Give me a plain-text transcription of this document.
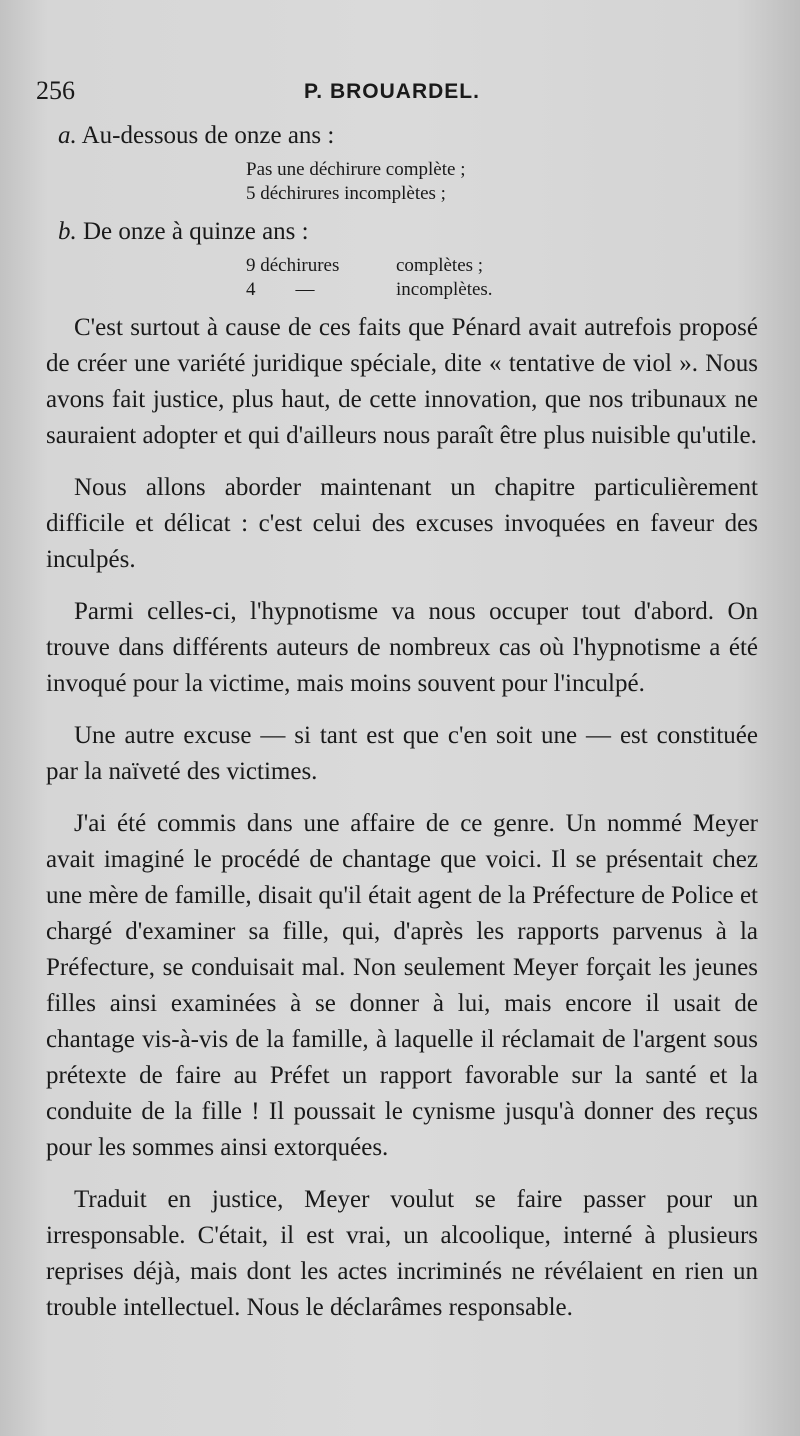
256	P. BROUARDEL.
a. Au-dessous de onze ans :
Pas une déchirure complète ;
5 déchirures incomplètes ;
b. De onze à quinze ans :
9 déchirures	complètes ;
4 —	incomplètes.

C'est surtout à cause de ces faits que Pénard avait autrefois proposé de créer une variété juridique spéciale, dite « tentative de viol ». Nous avons fait justice, plus haut, de cette innovation, que nos tribunaux ne sauraient adopter et qui d'ailleurs nous paraît être plus nuisible qu'utile.

Nous allons aborder maintenant un chapitre particulièrement difficile et délicat : c'est celui des excuses invoquées en faveur des inculpés.

Parmi celles-ci, l'hypnotisme va nous occuper tout d'abord. On trouve dans différents auteurs de nombreux cas où l'hypnotisme a été invoqué pour la victime, mais moins souvent pour l'inculpé.

Une autre excuse — si tant est que c'en soit une — est constituée par la naïveté des victimes.

J'ai été commis dans une affaire de ce genre. Un nommé Meyer avait imaginé le procédé de chantage que voici. Il se présentait chez une mère de famille, disait qu'il était agent de la Préfecture de Police et chargé d'examiner sa fille, qui, d'après les rapports parvenus à la Préfecture, se conduisait mal. Non seulement Meyer forçait les jeunes filles ainsi examinées à se donner à lui, mais encore il usait de chantage vis-à-vis de la famille, à laquelle il réclamait de l'argent sous prétexte de faire au Préfet un rapport favorable sur la santé et la conduite de la fille ! Il poussait le cynisme jusqu'à donner des reçus pour les sommes ainsi extorquées.

Traduit en justice, Meyer voulut se faire passer pour un irresponsable. C'était, il est vrai, un alcoolique, interné à plusieurs reprises déjà, mais dont les actes incriminés ne révélaient en rien un trouble intellectuel. Nous le déclarâmes responsable.
